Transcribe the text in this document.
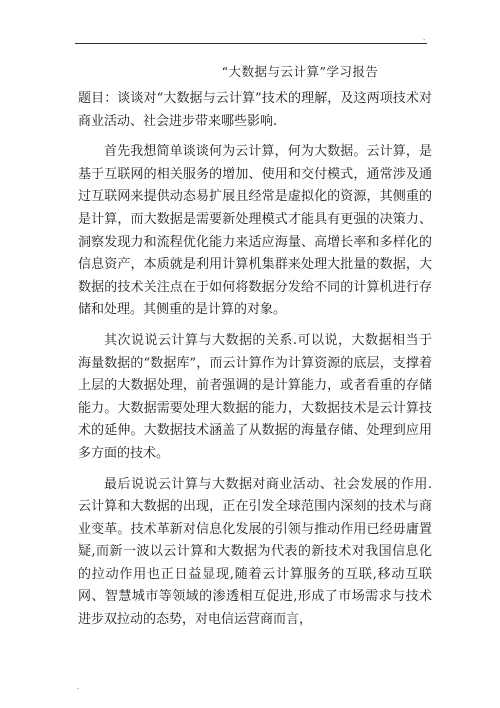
.
“大数据与云计算”学习报告

题目：谈谈对“大数据与云计算”技术的理解，及这两项技术对商业活动、社会进步带来哪些影响.

首先我想简单谈谈何为云计算，何为大数据。云计算，是基于互联网的相关服务的增加、使用和交付模式，通常涉及通过互联网来提供动态易扩展且经常是虚拟化的资源，其侧重的是计算，而大数据是需要新处理模式才能具有更强的决策力、洞察发现力和流程优化能力来适应海量、高增长率和多样化的信息资产，本质就是利用计算机集群来处理大批量的数据，大数据的技术关注点在于如何将数据分发给不同的计算机进行存储和处理。其侧重的是计算的对象。

其次说说云计算与大数据的关系.可以说，大数据相当于海量数据的“数据库”，而云计算作为计算资源的底层，支撑着上层的大数据处理，前者强调的是计算能力，或者看重的存储能力。大数据需要处理大数据的能力，大数据技术是云计算技术的延伸。大数据技术涵盖了从数据的海量存储、处理到应用多方面的技术。

最后说说云计算与大数据对商业活动、社会发展的作用.云计算和大数据的出现，正在引发全球范围内深刻的技术与商业变革。技术革新对信息化发展的引领与推动作用已经毋庸置疑,而新一波以云计算和大数据为代表的新技术对我国信息化的拉动作用也正日益显现,随着云计算服务的互联,移动互联网、智慧城市等领域的渗透相互促进,形成了市场需求与技术进步双拉动的态势，对电信运营商而言，

.
